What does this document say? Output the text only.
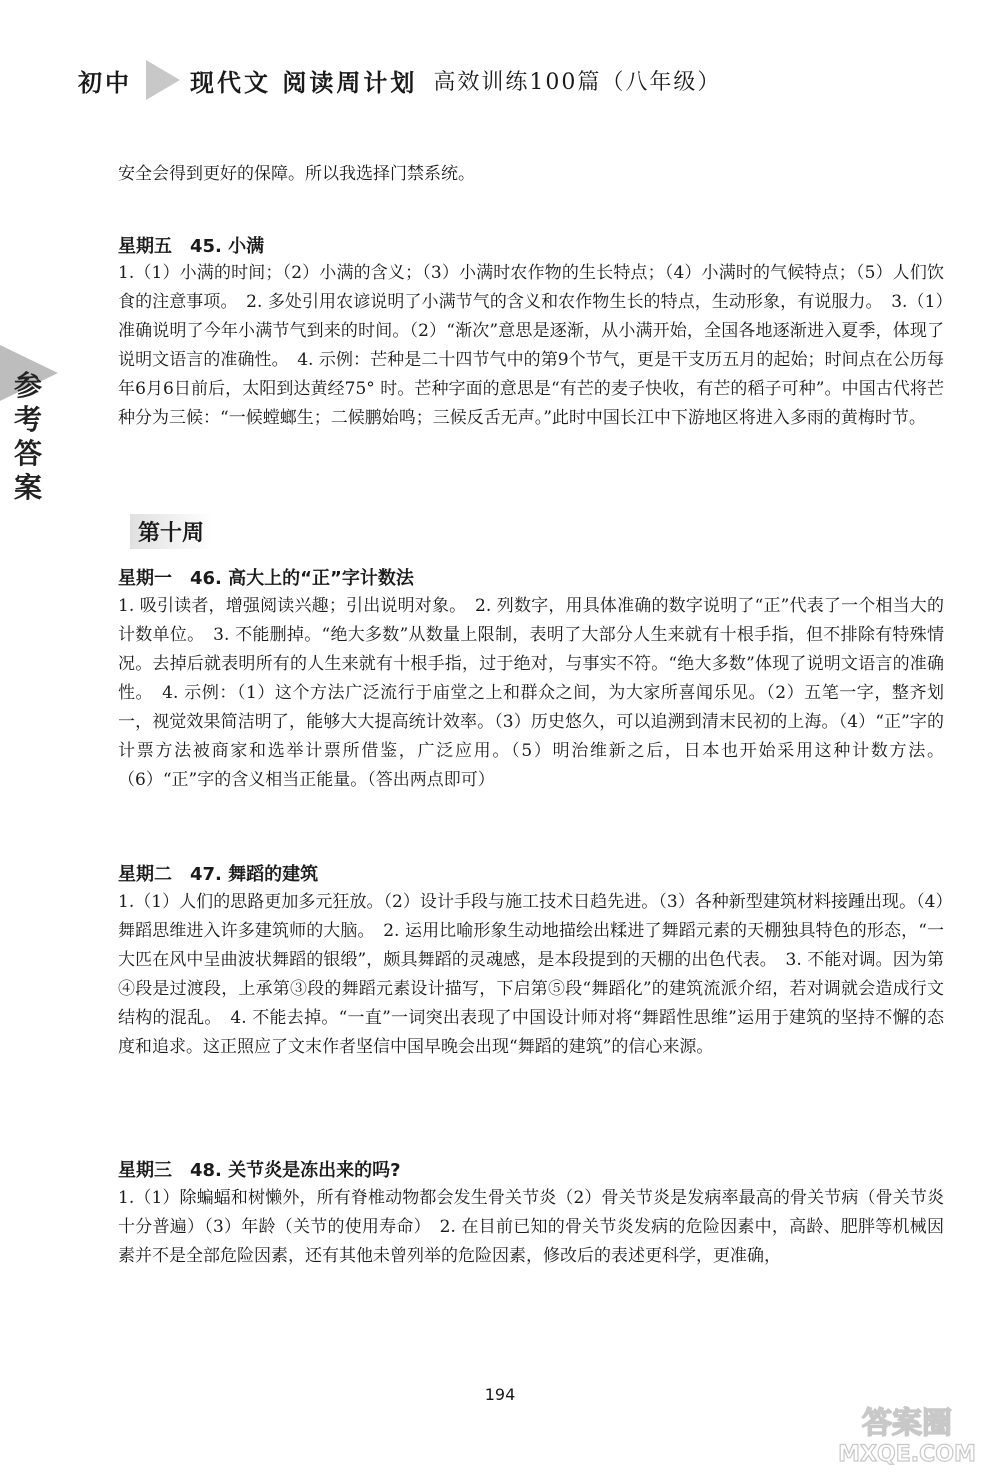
初中 现代文 阅读周计划 高效训练100篇（八年级）
参考答案

安全会得到更好的保障。所以我选择门禁系统。

星期五 45. 小满

1.（1）小满的时间；（2）小满的含义；（3）小满时农作物的生长特点；（4）小满时的气候特点；（5）人们饮食的注意事项。　2. 多处引用农谚说明了小满节气的含义和农作物生长的特点，生动形象，有说服力。　3.（1）准确说明了今年小满节气到来的时间。（2）“渐次”意思是逐渐，从小满开始，全国各地逐渐进入夏季，体现了说明文语言的准确性。　4. 示例：芒种是二十四节气中的第9个节气，更是干支历五月的起始；时间点在公历每年6月6日前后，太阳到达黄经75° 时。芒种字面的意思是“有芒的麦子快收，有芒的稻子可种”。中国古代将芒种分为三候：“一候螳螂生；二候鹏始鸣；三候反舌无声。”此时中国长江中下游地区将进入多雨的黄梅时节。

第十周
星期一 46. 高大上的“正”字计数法

1. 吸引读者，增强阅读兴趣；引出说明对象。　2. 列数字，用具体准确的数字说明了“正”代表了一个相当大的计数单位。　3. 不能删掉。“绝大多数”从数量上限制，表明了大部分人生来就有十根手指，但不排除有特殊情况。去掉后就表明所有的人生来就有十根手指，过于绝对，与事实不符。“绝大多数”体现了说明文语言的准确性。　4. 示例：（1）这个方法广泛流行于庙堂之上和群众之间，为大家所喜闻乐见。（2）五笔一字，整齐划一，视觉效果简洁明了，能够大大提高统计效率。（3）历史悠久，可以追溯到清末民初的上海。（4）“正”字的计票方法被商家和选举计票所借鉴，广泛应用。（5）明治维新之后，日本也开始采用这种计数方法。（6）“正”字的含义相当正能量。（答出两点即可）

星期二 47. 舞蹈的建筑

1.（1）人们的思路更加多元狂放。（2）设计手段与施工技术日趋先进。（3）各种新型建筑材料接踵出现。（4）舞蹈思维进入许多建筑师的大脑。　2. 运用比喻形象生动地描绘出糅进了舞蹈元素的天棚独具特色的形态，“一大匹在风中呈曲波状舞蹈的银缎”，颇具舞蹈的灵魂感，是本段提到的天棚的出色代表。　3. 不能对调。因为第④段是过渡段，上承第③段的舞蹈元素设计描写，下启第⑤段“舞蹈化”的建筑流派介绍，若对调就会造成行文结构的混乱。　4. 不能去掉。“一直”一词突出表现了中国设计师对将“舞蹈性思维”运用于建筑的坚持不懈的态度和追求。这正照应了文末作者坚信中国早晚会出现“舞蹈的建筑”的信心来源。

星期三 48. 关节炎是冻出来的吗?

1.（1）除蝙蝠和树懒外，所有脊椎动物都会发生骨关节炎（2）骨关节炎是发病率最高的骨关节病（骨关节炎十分普遍）（3）年龄（关节的使用寿命）　2. 在目前已知的骨关节炎发病的危险因素中，高龄、肥胖等机械因素并不是全部危险因素，还有其他未曾列举的危险因素，修改后的表述更科学，更准确，

194
答案圈
MXQE.COM
